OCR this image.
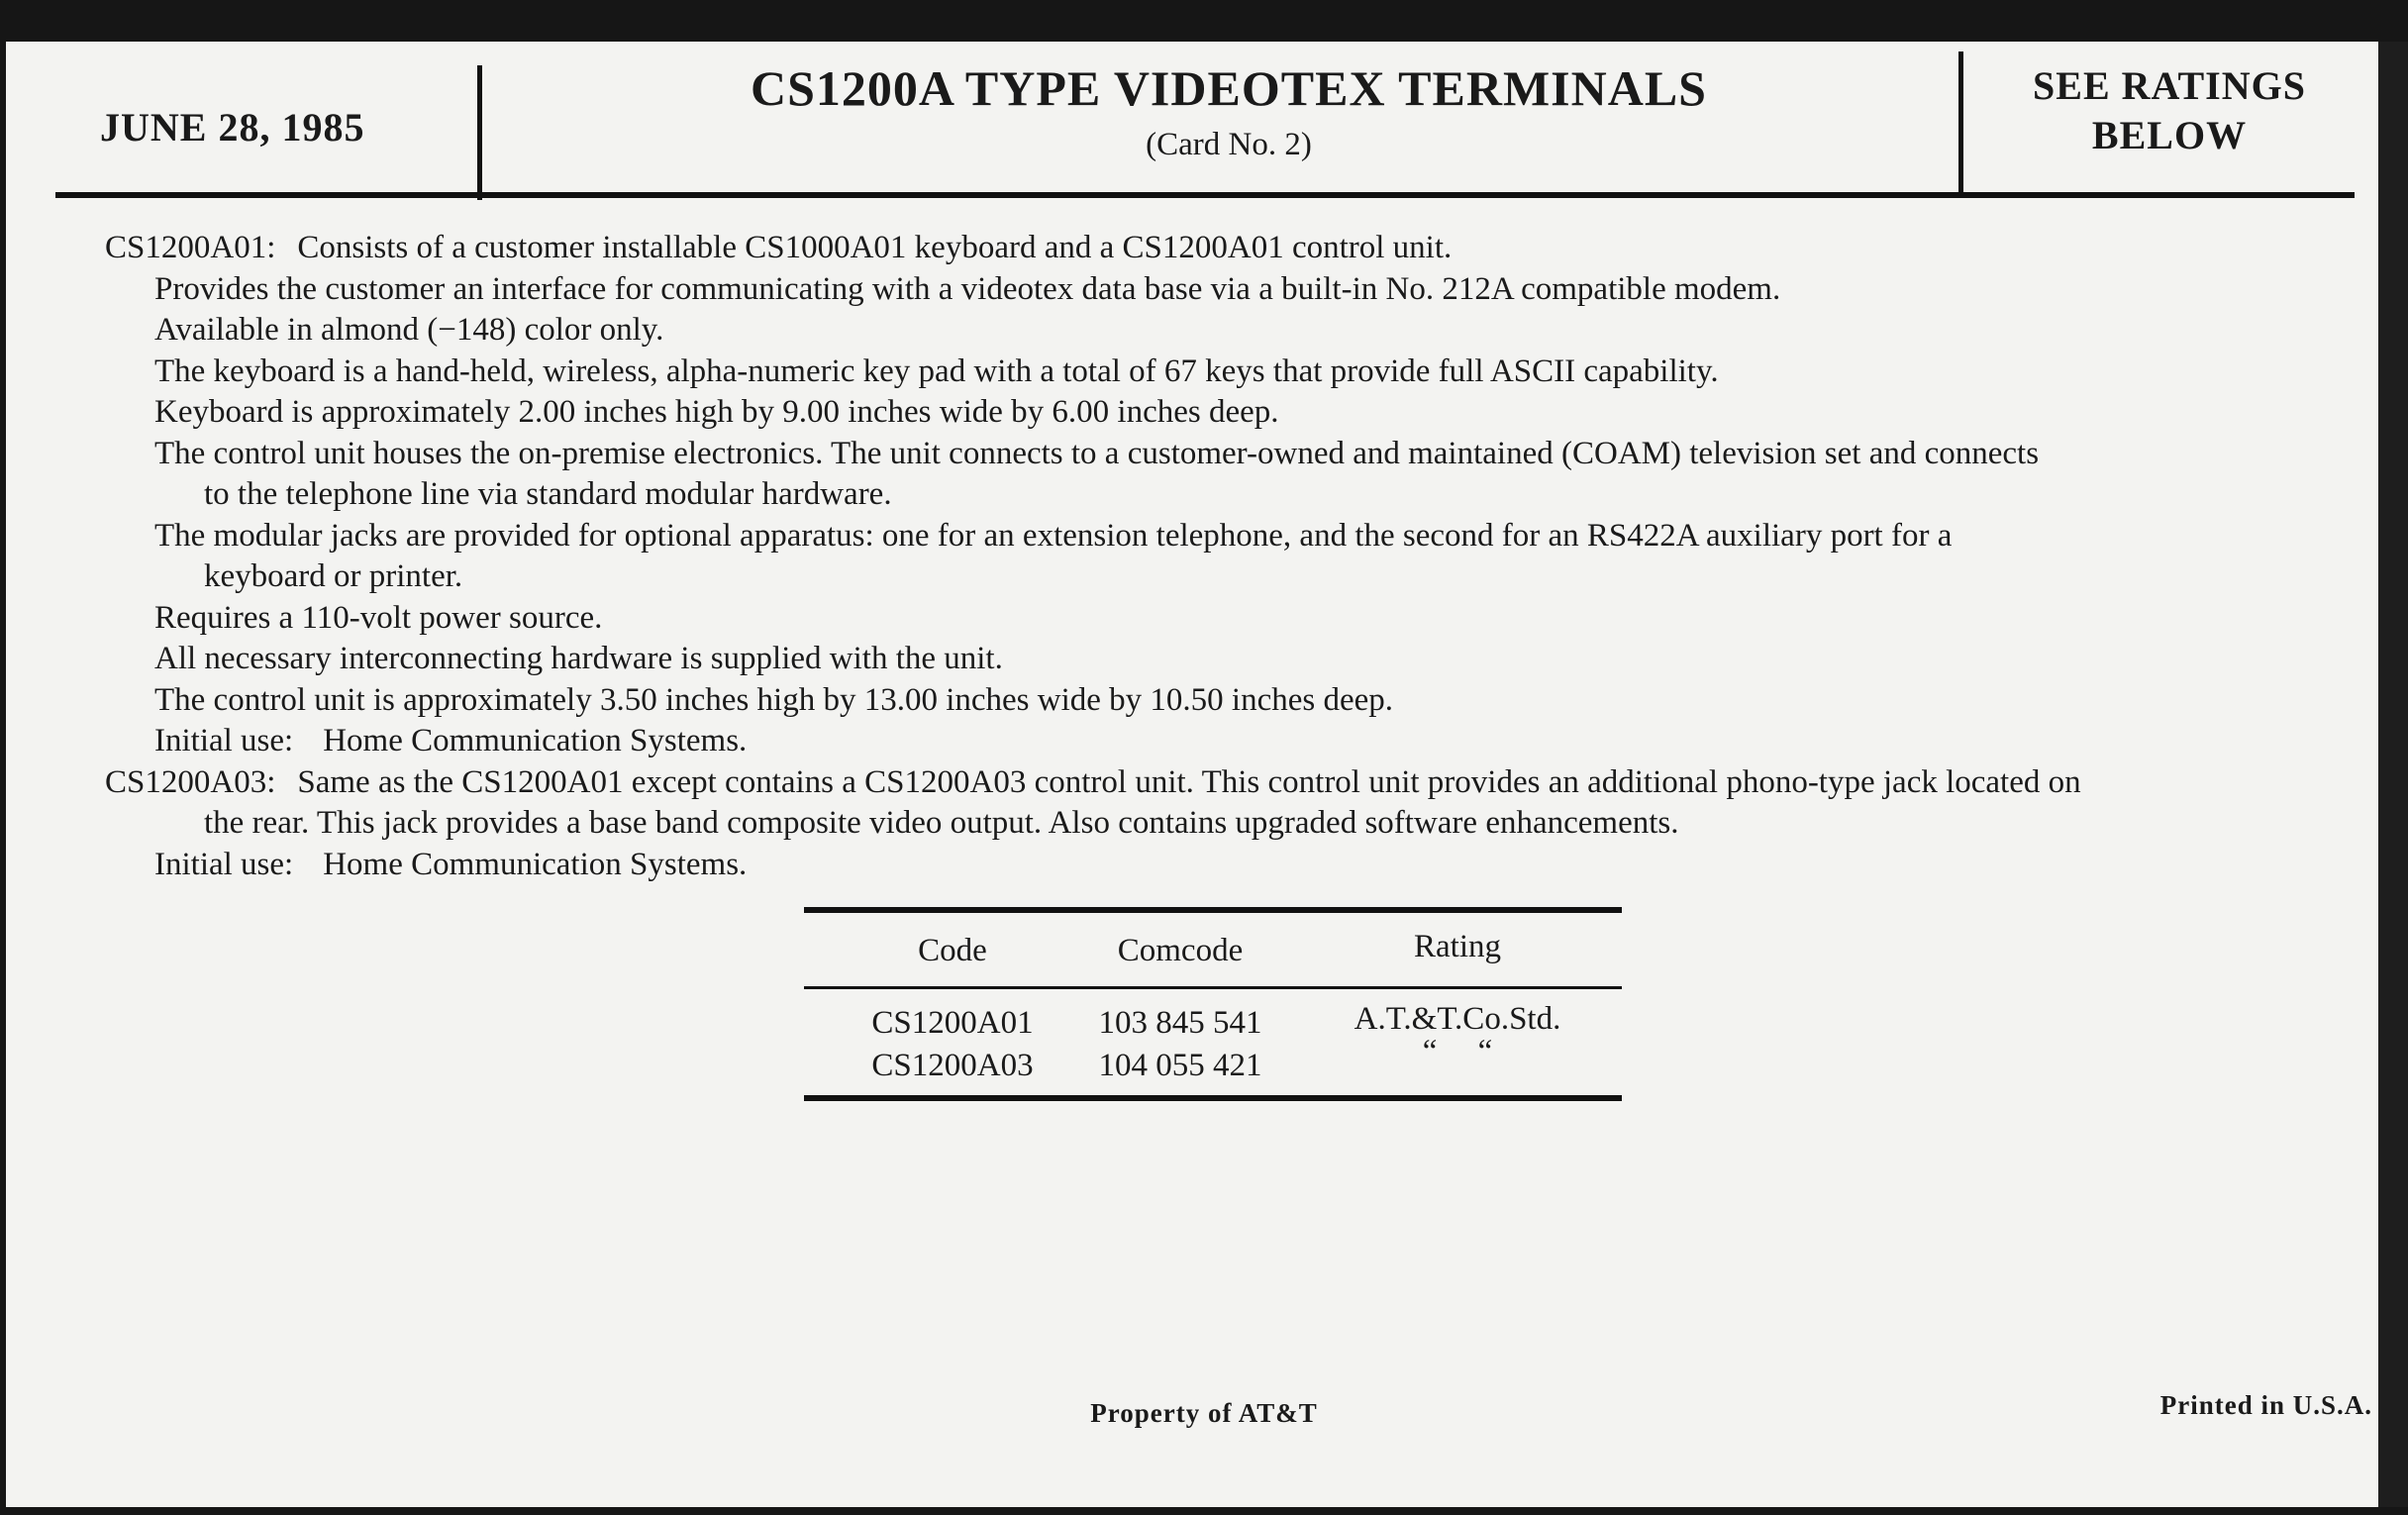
JUNE 28, 1985
CS1200A TYPE VIDEOTEX TERMINALS
(Card No. 2)
SEE RATINGS
BELOW
CS1200A01: Consists of a customer installable CS1000A01 keyboard and a CS1200A01 control unit.
Provides the customer an interface for communicating with a videotex data base via a built-in No. 212A compatible modem.
Available in almond (−148) color only.
The keyboard is a hand-held, wireless, alpha-numeric key pad with a total of 67 keys that provide full ASCII capability.
Keyboard is approximately 2.00 inches high by 9.00 inches wide by 6.00 inches deep.
The control unit houses the on-premise electronics. The unit connects to a customer-owned and maintained (COAM) television set and connects
to the telephone line via standard modular hardware.
The modular jacks are provided for optional apparatus: one for an extension telephone, and the second for an RS422A auxiliary port for a
keyboard or printer.
Requires a 110-volt power source.
All necessary interconnecting hardware is supplied with the unit.
The control unit is approximately 3.50 inches high by 13.00 inches wide by 10.50 inches deep.
Initial use: Home Communication Systems.
CS1200A03: Same as the CS1200A01 except contains a CS1200A03 control unit. This control unit provides an additional phono-type jack located on
the rear. This jack provides a base band composite video output. Also contains upgraded software enhancements.
Initial use: Home Communication Systems.
Code	Comcode	Rating
CS1200A01	103 845 541	A.T.&T.Co.Std.
CS1200A03	104 055 421	“     “
Property of AT&T	Printed in U.S.A.
